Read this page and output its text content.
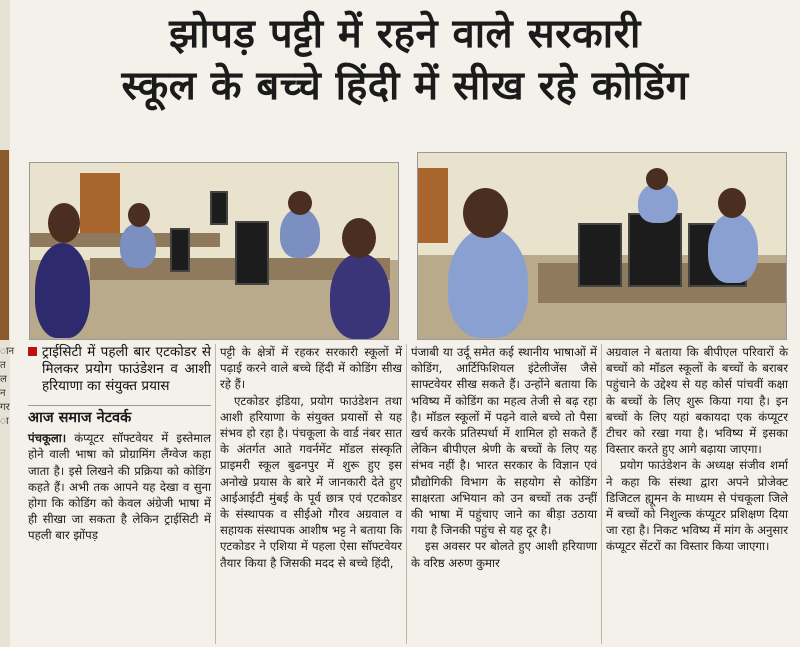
ान
त
ल
न
गर
ा
झोपड़ पट्टी में रहने वाले सरकारी
स्कूल के बच्चे हिंदी में सीख रहे कोडिंग
ट्राईसिटी में पहली बार एटकोडर से मिलकर प्रयोग फाउंडेशन व आशी हरियाणा का संयुक्त प्रयास
आज समाज नेटवर्क

पंचकूला। कंप्यूटर सॉफ्टवेयर में इस्तेमाल होने वाली भाषा को प्रोग्रामिंग लैंग्वेज कहा जाता है। इसे लिखने की प्रक्रिया को कोडिंग कहते हैं। अभी तक आपने यह देखा व सुना होगा कि कोडिंग को केवल अंग्रेजी भाषा में ही सीखा जा सकता है लेकिन ट्राईसिटी में पहली बार झोंपड़

पट्टी के क्षेत्रों में रहकर सरकारी स्कूलों में पढ़ाई करने वाले बच्चे हिंदी में कोडिंग सीख रहे हैं।

एटकोडर इंडिया, प्रयोग फाउंडेशन तथा आशी हरियाणा के संयुक्त प्रयासों से यह संभव हो रहा है। पंचकूला के वार्ड नंबर सात के अंतर्गत आते गवर्नमेंट मॉडल संस्कृति प्राइमरी स्कूल बुढनपुर में शुरू हुए इस अनोखे प्रयास के बारे में जानकारी देते हुए आईआईटी मुंबई के पूर्व छात्र एवं एटकोडर के संस्थापक व सीईओ गौरव अग्रवाल व सहायक संस्थापक आशीष भट्ट ने बताया कि एटकोडर ने एशिया में पहला ऐसा सॉफ्टवेयर तैयार किया है जिसकी मदद से बच्चे हिंदी,

पंजाबी या उर्दू समेत कई स्थानीय भाषाओं में कोडिंग, आर्टिफिशियल इंटेलीजेंस जैसे साफ्टवेयर सीख सकते हैं। उन्होंने बताया कि भविष्य में कोडिंग का महत्व तेजी से बढ़ रहा है। मॉडल स्कूलों में पढ़ने वाले बच्चे तो पैसा खर्च करके प्रतिस्पर्धा में शामिल हो सकते हैं लेकिन बीपीएल श्रेणी के बच्चों के लिए यह संभव नहीं है। भारत सरकार के विज्ञान एवं प्रौद्योगिकी विभाग के सहयोग से कोडिंग साक्षरता अभियान को उन बच्चों तक उन्हीं की भाषा में पहुंचाए जाने का बीड़ा उठाया गया है जिनकी पहुंच से यह दूर है।

इस अवसर पर बोलते हुए आशी हरियाणा के वरिष्ठ अरुण कुमार

अग्रवाल ने बताया कि बीपीएल परिवारों के बच्चों को मॉडल स्कूलों के बच्चों के बराबर पहुंचाने के उद्देश्य से यह कोर्स पांचवीं कक्षा के बच्चों के लिए शुरू किया गया है। इन बच्चों के लिए यहां बकायदा एक कंप्यूटर टीचर को रखा गया है। भविष्य में इसका विस्तार करते हुए आगे बढ़ाया जाएगा।

प्रयोग फाउंडेशन के अध्यक्ष संजीव शर्मा ने कहा कि संस्था द्वारा अपने प्रोजेक्ट डिजिटल ह्यूमन के माध्यम से पंचकूला जिले में बच्चों को निशुल्क कंप्यूटर प्रशिक्षण दिया जा रहा है। निकट भविष्य में मांग के अनुसार कंप्यूटर सेंटरों का विस्तार किया जाएगा।
